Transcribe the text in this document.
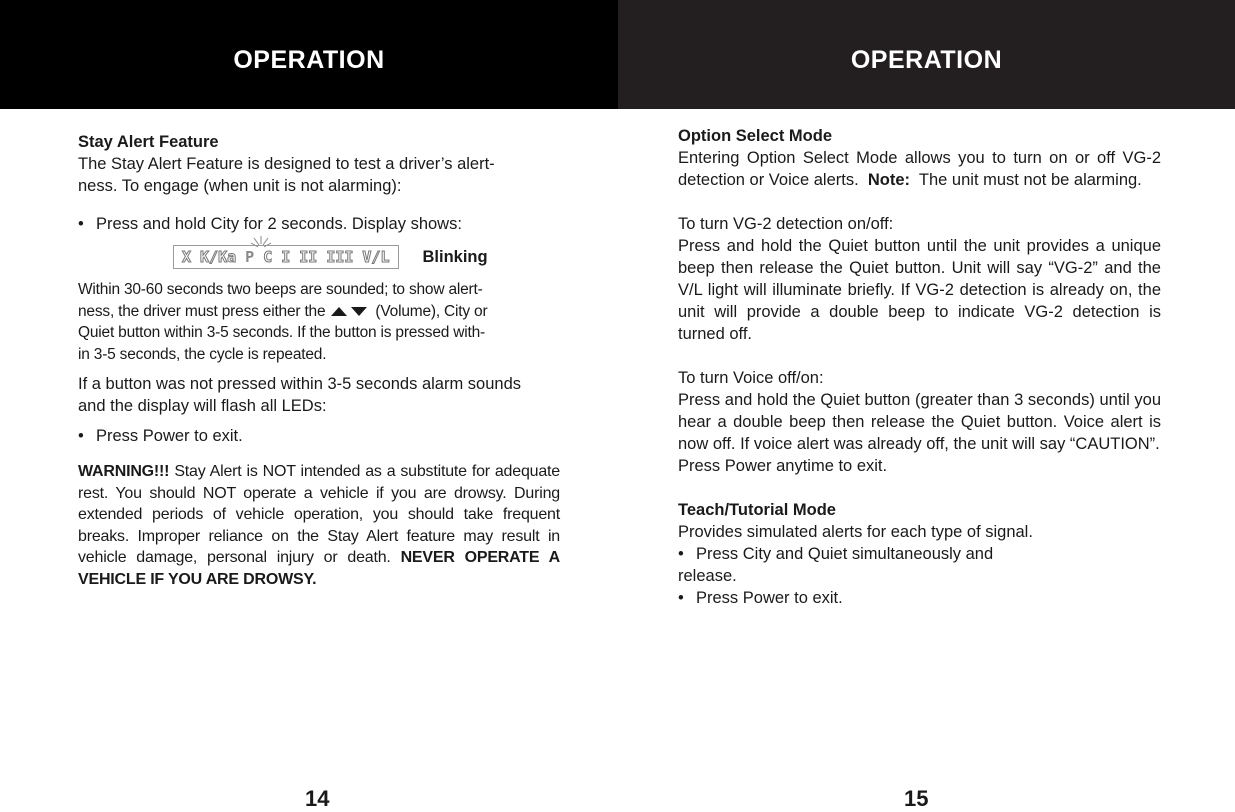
OPERATION	OPERATION

Stay Alert Feature

The Stay Alert Feature is designed to test a driver’s alert-

ness. To engage (when unit is not alarming):

• Press and hold City for 2 seconds. Display shows:

X K/Ka P C I II III V/L Blinking

Within 30-60 seconds two beeps are sounded; to show alert-

ness, the driver must press either the	(Volume), City or

Quiet button within 3-5 seconds. If the button is pressed with-

in 3-5 seconds, the cycle is repeated.

If a button was not pressed within 3-5 seconds alarm sounds

and the display will flash all LEDs:

• Press Power to exit.

WARNING!!! Stay Alert is NOT intended as a substitute for adequate rest. You should NOT operate a vehicle if you are drowsy. During extended periods of vehicle operation, you should take frequent breaks. Improper reliance on the Stay Alert feature may result in vehicle damage, personal injury or death. NEVER OPERATE A VEHICLE IF YOU ARE DROWSY.

Option Select Mode

Entering Option Select Mode allows you to turn on or off VG-2 detection or Voice alerts. Note: The unit must not be alarming.

To turn VG-2 detection on/off:

Press and hold the Quiet button until the unit provides a unique beep then release the Quiet button. Unit will say “VG-2” and the V/L light will illuminate briefly. If VG-2 detection is already on, the unit will provide a double beep to indicate VG-2 detection is turned off.

To turn Voice off/on:

Press and hold the Quiet button (greater than 3 seconds) until you hear a double beep then release the Quiet button. Voice alert is now off. If voice alert was already off, the unit will say “CAUTION”.

Press Power anytime to exit.

Teach/Tutorial Mode

Provides simulated alerts for each type of signal.

• Press City and Quiet simultaneously and

release.

• Press Power to exit.

14	15
